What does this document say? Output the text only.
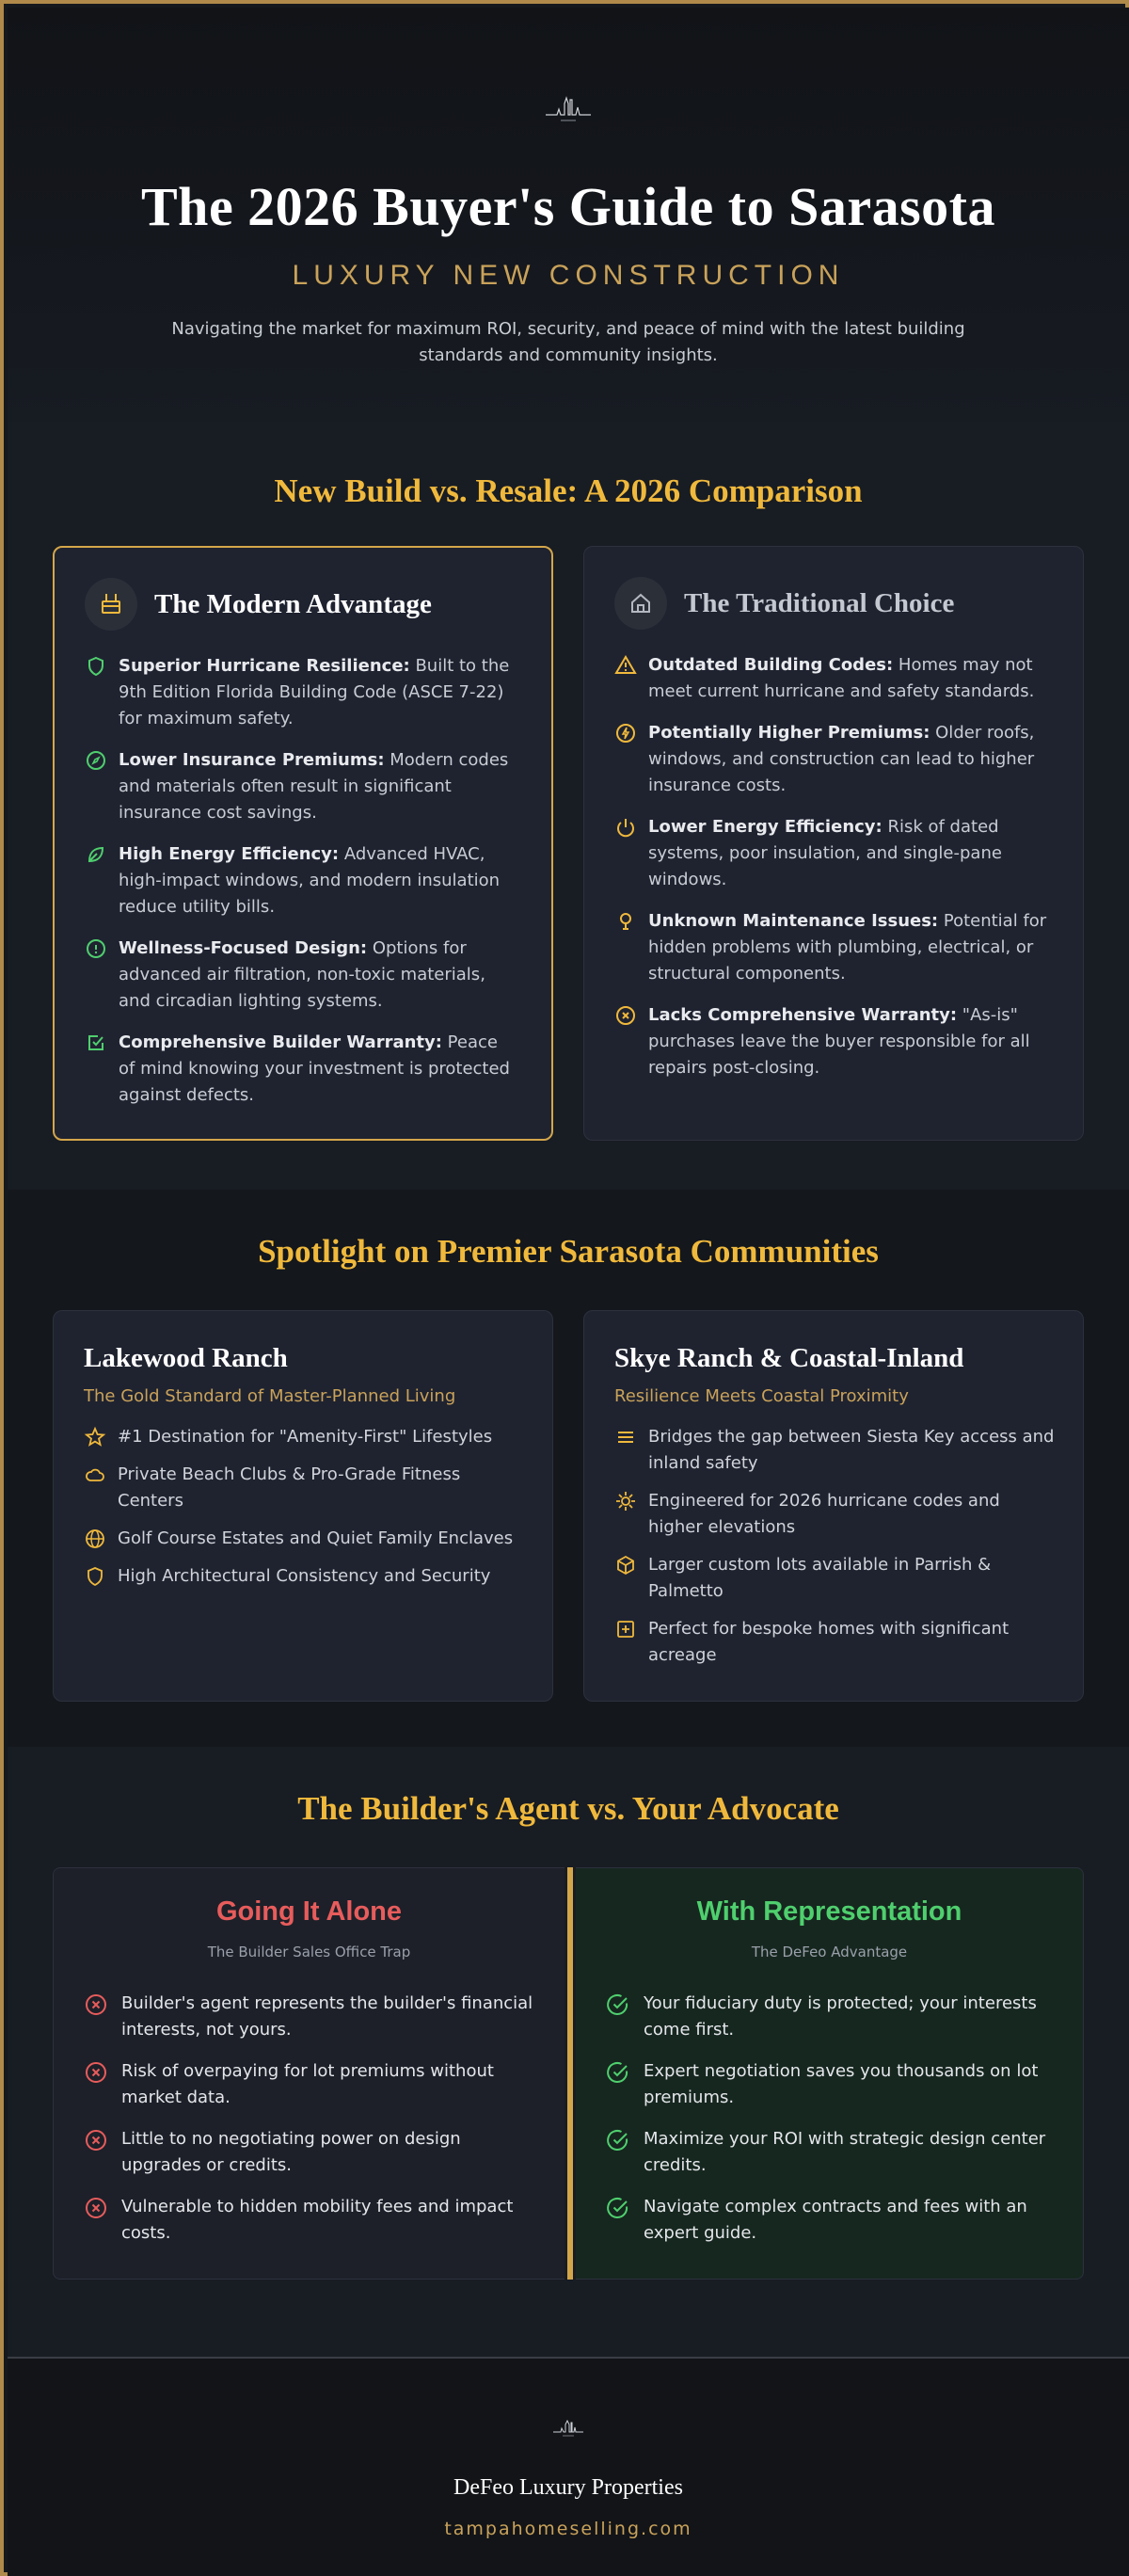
The 2026 Buyer's Guide to Sarasota
LUXURY NEW CONSTRUCTION

Navigating the market for maximum ROI, security, and peace of mind with the latest building standards and community insights.

New Build vs. Resale: A 2026 Comparison
The Modern Advantage

Superior Hurricane Resilience: Built to the 9th Edition Florida Building Code (ASCE 7-22) for maximum safety.

Lower Insurance Premiums: Modern codes and materials often result in significant insurance cost savings.

High Energy Efficiency: Advanced HVAC, high-impact windows, and modern insulation reduce utility bills.

Wellness-Focused Design: Options for advanced air filtration, non-toxic materials, and circadian lighting systems.

Comprehensive Builder Warranty: Peace of mind knowing your investment is protected against defects.

The Traditional Choice

Outdated Building Codes: Homes may not meet current hurricane and safety standards.

Potentially Higher Premiums: Older roofs, windows, and construction can lead to higher insurance costs.

Lower Energy Efficiency: Risk of dated systems, poor insulation, and single-pane windows.

Unknown Maintenance Issues: Potential for hidden problems with plumbing, electrical, or structural components.

Lacks Comprehensive Warranty: "As-is" purchases leave the buyer responsible for all repairs post-closing.

Spotlight on Premier Sarasota Communities
Lakewood Ranch
The Gold Standard of Master-Planned Living

#1 Destination for "Amenity-First" Lifestyles

Private Beach Clubs & Pro-Grade Fitness Centers

Golf Course Estates and Quiet Family Enclaves

High Architectural Consistency and Security

Skye Ranch & Coastal-Inland
Resilience Meets Coastal Proximity

Bridges the gap between Siesta Key access and inland safety

Engineered for 2026 hurricane codes and higher elevations

Larger custom lots available in Parrish & Palmetto

Perfect for bespoke homes with significant acreage

The Builder's Agent vs. Your Advocate
Going It Alone
The Builder Sales Office Trap

Builder's agent represents the builder's financial interests, not yours.

Risk of overpaying for lot premiums without market data.

Little to no negotiating power on design upgrades or credits.

Vulnerable to hidden mobility fees and impact costs.

With Representation
The DeFeo Advantage

Your fiduciary duty is protected; your interests come first.

Expert negotiation saves you thousands on lot premiums.

Maximize your ROI with strategic design center credits.

Navigate complex contracts and fees with an expert guide.

DeFeo Luxury Properties
tampahomeselling.com
